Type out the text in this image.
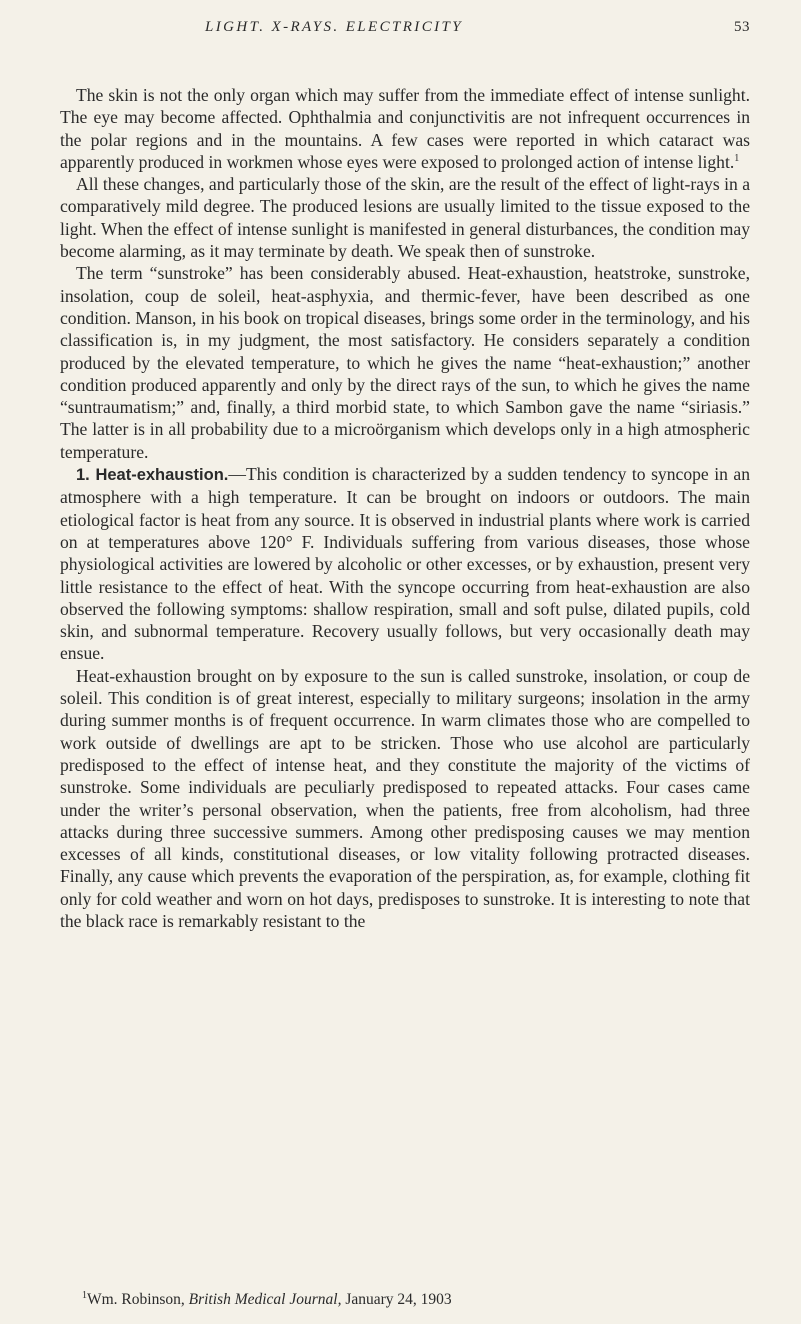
LIGHT. X-RAYS. ELECTRICITY	53

The skin is not the only organ which may suffer from the immediate effect of intense sunlight. The eye may become affected. Ophthalmia and conjunctivitis are not infrequent occurrences in the polar regions and in the mountains. A few cases were reported in which cataract was apparently produced in workmen whose eyes were exposed to prolonged action of intense light.$^1$

All these changes, and particularly those of the skin, are the result of the effect of light-rays in a comparatively mild degree. The produced lesions are usually limited to the tissue exposed to the light. When the effect of intense sunlight is manifested in general disturbances, the condition may become alarming, as it may terminate by death. We speak then of sunstroke.

The term “sunstroke” has been considerably abused. Heat-exhaustion, heatstroke, sunstroke, insolation, coup de soleil, heat-asphyxia, and thermic-fever, have been described as one condition. Manson, in his book on tropical diseases, brings some order in the terminology, and his classification is, in my judgment, the most satisfactory. He considers separately a condition produced by the elevated temperature, to which he gives the name “heat-exhaustion;” another condition produced apparently and only by the direct rays of the sun, to which he gives the name “suntraumatism;” and, finally, a third morbid state, to which Sambon gave the name “siriasis.” The latter is in all probability due to a microörganism which develops only in a high atmospheric temperature.

1. Heat-exhaustion.—This condition is characterized by a sudden tendency to syncope in an atmosphere with a high temperature. It can be brought on indoors or outdoors. The main etiological factor is heat from any source. It is observed in industrial plants where work is carried on at temperatures above 120° F. Individuals suffering from various diseases, those whose physiological activities are lowered by alcoholic or other excesses, or by exhaustion, present very little resistance to the effect of heat. With the syncope occurring from heat-exhaustion are also observed the following symptoms: shallow respiration, small and soft pulse, dilated pupils, cold skin, and subnormal temperature. Recovery usually follows, but very occasionally death may ensue.

Heat-exhaustion brought on by exposure to the sun is called sunstroke, insolation, or coup de soleil. This condition is of great interest, especially to military surgeons; insolation in the army during summer months is of frequent occurrence. In warm climates those who are compelled to work outside of dwellings are apt to be stricken. Those who use alcohol are particularly predisposed to the effect of intense heat, and they constitute the majority of the victims of sunstroke. Some individuals are peculiarly predisposed to repeated attacks. Four cases came under the writer’s personal observation, when the patients, free from alcoholism, had three attacks during three successive summers. Among other predisposing causes we may mention excesses of all kinds, constitutional diseases, or low vitality following protracted diseases. Finally, any cause which prevents the evaporation of the perspiration, as, for example, clothing fit only for cold weather and worn on hot days, predisposes to sunstroke. It is interesting to note that the black race is remarkably resistant to the

$^1$Wm. Robinson, British Medical Journal, January 24, 1903
